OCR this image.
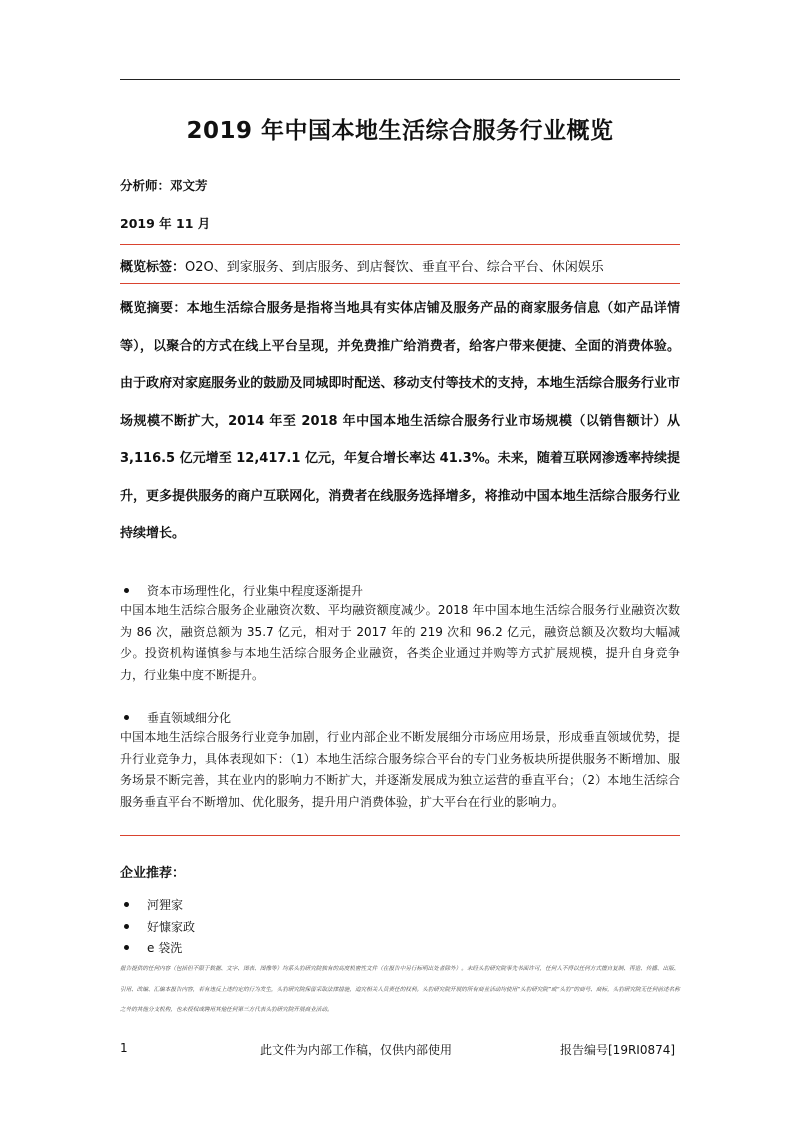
2019 年中国本地生活综合服务行业概览
分析师：邓文芳
2019 年 11 月
概览标签：O2O、到家服务、到店服务、到店餐饮、垂直平台、综合平台、休闲娱乐
概览摘要：本地生活综合服务是指将当地具有实体店铺及服务产品的商家服务信息（如产品详情等），以聚合的方式在线上平台呈现，并免费推广给消费者，给客户带来便捷、全面的消费体验。由于政府对家庭服务业的鼓励及同城即时配送、移动支付等技术的支持，本地生活综合服务行业市场规模不断扩大，2014 年至 2018 年中国本地生活综合服务行业市场规模（以销售额计）从 3,116.5 亿元增至 12,417.1 亿元，年复合增长率达 41.3%。未来，随着互联网渗透率持续提升，更多提供服务的商户互联网化，消费者在线服务选择增多，将推动中国本地生活综合服务行业持续增长。
资本市场理性化，行业集中程度逐渐提升
中国本地生活综合服务企业融资次数、平均融资额度减少。2018 年中国本地生活综合服务行业融资次数为 86 次，融资总额为 35.7 亿元，相对于 2017 年的 219 次和 96.2 亿元，融资总额及次数均大幅减少。投资机构谨慎参与本地生活综合服务企业融资，各类企业通过并购等方式扩展规模，提升自身竞争力，行业集中度不断提升。
垂直领域细分化
中国本地生活综合服务行业竞争加剧，行业内部企业不断发展细分市场应用场景，形成垂直领域优势，提升行业竞争力，具体表现如下：（1）本地生活综合服务综合平台的专门业务板块所提供服务不断增加、服务场景不断完善，其在业内的影响力不断扩大，并逐渐发展成为独立运营的垂直平台；（2）本地生活综合服务垂直平台不断增加、优化服务，提升用户消费体验，扩大平台在行业的影响力。
企业推荐：
河狸家
好慷家政
e 袋洗
报告提供的任何内容（包括但不限于数据、文字、图表、图像等）均系头豹研究院独有的高度机密性文件（在报告中另行标明出处者除外）。未经头豹研究院事先书面许可，任何人不得以任何方式擅自复制、再造、传播、出版、引用、改编、汇编本报告内容，若有违反上述约定的行为发生，头豹研究院保留采取法律措施，追究相关人员责任的权利。头豹研究院开展的所有商业活动均使用“头豹研究院”或“头豹”的商号、商标，头豹研究院无任何前述名称之外的其他分支机构，也未授权或聘用其他任何第三方代表头豹研究院开展商业活动。
1	此文件为内部工作稿，仅供内部使用	报告编号[19RI0874]
